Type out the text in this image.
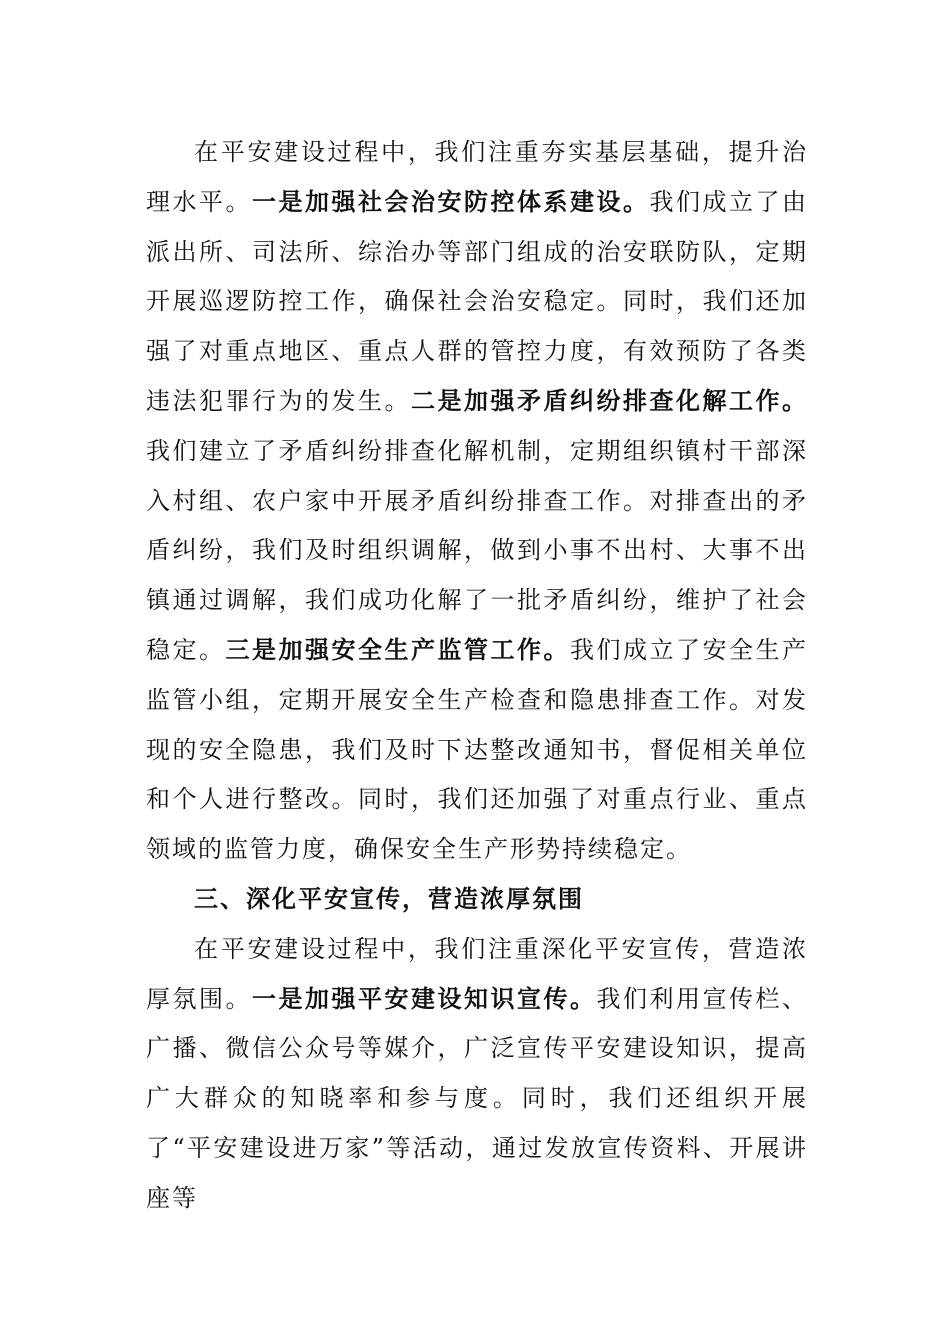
在平安建设过程中，我们注重夯实基层基础，提升治理水平。一是加强社会治安防控体系建设。我们成立了由派出所、司法所、综治办等部门组成的治安联防队，定期开展巡逻防控工作，确保社会治安稳定。同时，我们还加强了对重点地区、重点人群的管控力度，有效预防了各类违法犯罪行为的发生。二是加强矛盾纠纷排查化解工作。我们建立了矛盾纠纷排查化解机制，定期组织镇村干部深入村组、农户家中开展矛盾纠纷排查工作。对排查出的矛盾纠纷，我们及时组织调解，做到小事不出村、大事不出镇通过调解，我们成功化解了一批矛盾纠纷，维护了社会稳定。三是加强安全生产监管工作。我们成立了安全生产监管小组，定期开展安全生产检查和隐患排查工作。对发现的安全隐患，我们及时下达整改通知书，督促相关单位和个人进行整改。同时，我们还加强了对重点行业、重点领域的监管力度，确保安全生产形势持续稳定。

三、深化平安宣传，营造浓厚氛围

在平安建设过程中，我们注重深化平安宣传，营造浓厚氛围。一是加强平安建设知识宣传。我们利用宣传栏、广播、微信公众号等媒介，广泛宣传平安建设知识，提高广大群众的知晓率和参与度。同时，我们还组织开展了“平安建设进万家”等活动，通过发放宣传资料、开展讲座等
